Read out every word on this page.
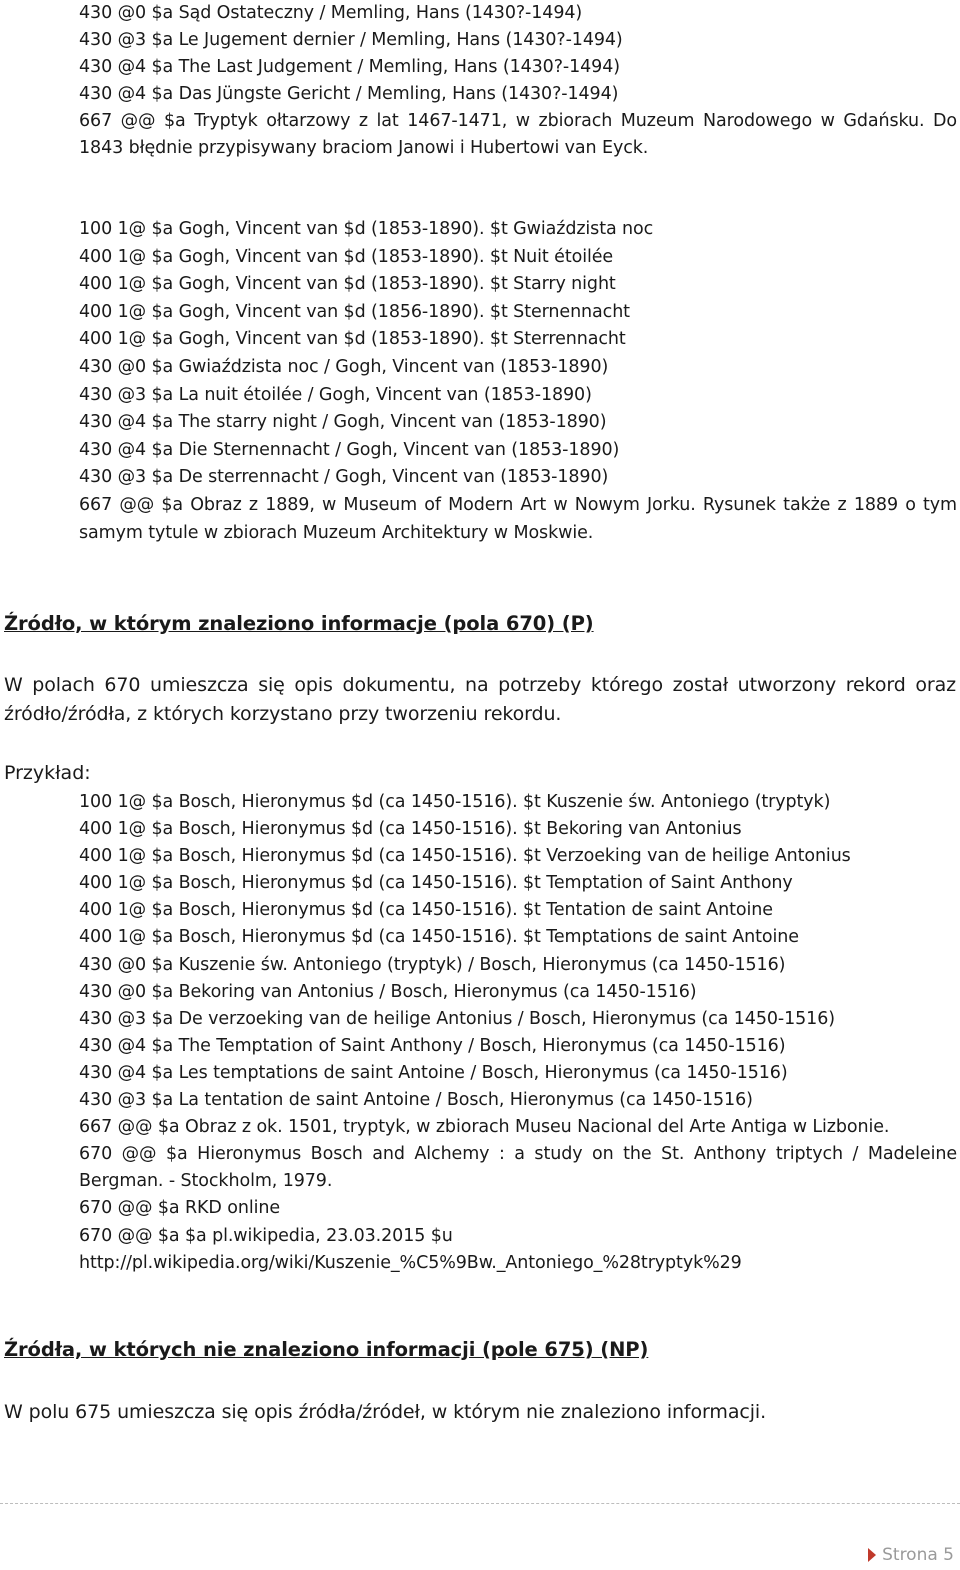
430 @0 $a Sąd Ostateczny / Memling, Hans (1430?-1494)
430 @3 $a Le Jugement dernier / Memling, Hans (1430?-1494)
430 @4 $a The Last Judgement / Memling, Hans (1430?-1494)
430 @4 $a Das Jüngste Gericht / Memling, Hans (1430?-1494)
667 @@ $a Tryptyk ołtarzowy z lat 1467-1471, w zbiorach Muzeum Narodowego w Gdańsku. Do 1843 błędnie przypisywany braciom Janowi i Hubertowi van Eyck.
100 1@ $a Gogh, Vincent van $d (1853-1890). $t Gwiaździsta noc
400 1@ $a Gogh, Vincent van $d (1853-1890). $t Nuit étoilée
400 1@ $a Gogh, Vincent van $d (1853-1890). $t Starry night
400 1@ $a Gogh, Vincent van $d (1856-1890). $t Sternennacht
400 1@ $a Gogh, Vincent van $d (1853-1890). $t Sterrennacht
430 @0 $a Gwiaździsta noc / Gogh, Vincent van (1853-1890)
430 @3 $a La nuit étoilée / Gogh, Vincent van (1853-1890)
430 @4 $a The starry night / Gogh, Vincent van (1853-1890)
430 @4 $a Die Sternennacht / Gogh, Vincent van (1853-1890)
430 @3 $a De sterrennacht / Gogh, Vincent van (1853-1890)
667 @@ $a Obraz z 1889, w Museum of Modern Art w Nowym Jorku. Rysunek także z 1889 o tym samym tytule w zbiorach Muzeum Architektury w Moskwie.
Źródło, w którym znaleziono informacje (pola 670) (P)

W polach 670 umieszcza się opis dokumentu, na potrzeby którego został utworzony rekord oraz źródło/źródła, z których korzystano przy tworzeniu rekordu.

Przykład:

100 1@ $a Bosch, Hieronymus $d (ca 1450-1516). $t Kuszenie św. Antoniego (tryptyk)
400 1@ $a Bosch, Hieronymus $d (ca 1450-1516). $t Bekoring van Antonius
400 1@ $a Bosch, Hieronymus $d (ca 1450-1516). $t Verzoeking van de heilige Antonius
400 1@ $a Bosch, Hieronymus $d (ca 1450-1516). $t Temptation of Saint Anthony
400 1@ $a Bosch, Hieronymus $d (ca 1450-1516). $t Tentation de saint Antoine
400 1@ $a Bosch, Hieronymus $d (ca 1450-1516). $t Temptations de saint Antoine
430 @0 $a Kuszenie św. Antoniego (tryptyk) / Bosch, Hieronymus (ca 1450-1516)
430 @0 $a Bekoring van Antonius / Bosch, Hieronymus (ca 1450-1516)
430 @3 $a De verzoeking van de heilige Antonius / Bosch, Hieronymus (ca 1450-1516)
430 @4 $a The Temptation of Saint Anthony / Bosch, Hieronymus (ca 1450-1516)
430 @4 $a Les temptations de saint Antoine / Bosch, Hieronymus (ca 1450-1516)
430 @3 $a La tentation de saint Antoine / Bosch, Hieronymus (ca 1450-1516)
667 @@ $a Obraz z ok. 1501, tryptyk, w zbiorach Museu Nacional del Arte Antiga w Lizbonie.
670 @@ $a Hieronymus Bosch and Alchemy : a study on the St. Anthony triptych / Madeleine Bergman. - Stockholm, 1979.
670 @@ $a RKD online
670 @@ $a $a pl.wikipedia, 23.03.2015 $u
http://pl.wikipedia.org/wiki/Kuszenie_%C5%9Bw._Antoniego_%28tryptyk%29
Źródła, w których nie znaleziono informacji (pole 675) (NP)

W polu 675 umieszcza się opis źródła/źródeł, w którym nie znaleziono informacji.

Strona 5
